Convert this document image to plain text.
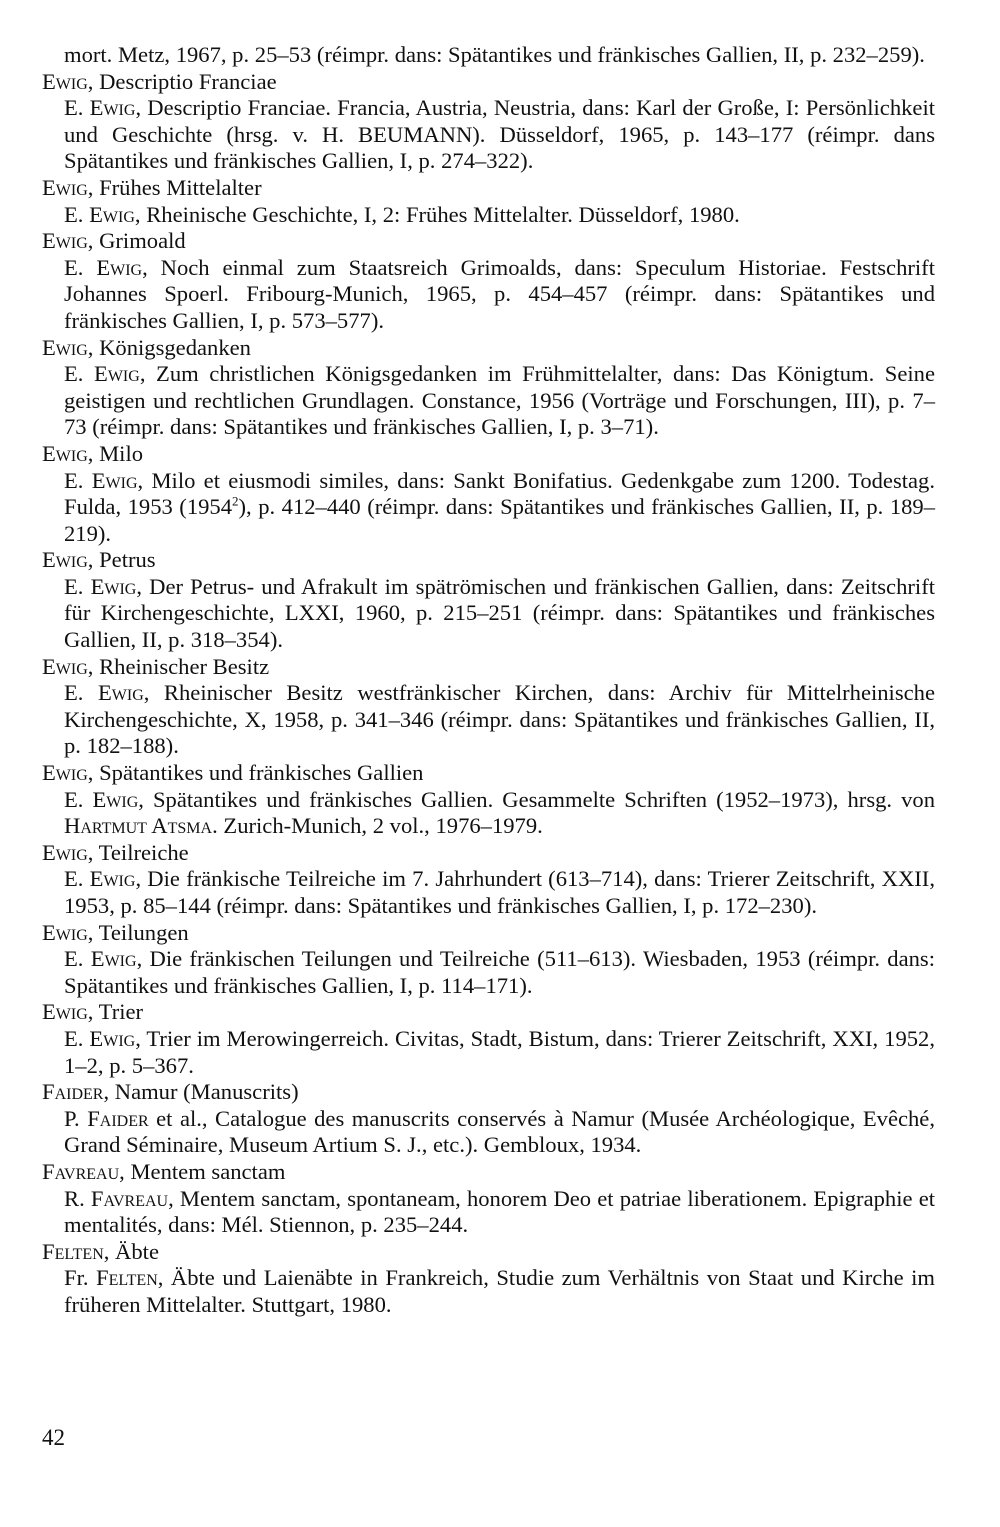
mort. Metz, 1967, p. 25–53 (réimpr. dans: Spätantikes und fränkisches Gallien, II, p. 232–259).
Ewig, Descriptio Franciae
E. Ewig, Descriptio Franciae. Francia, Austria, Neustria, dans: Karl der Große, I: Persönlichkeit und Geschichte (hrsg. v. H. BEUMANN). Düsseldorf, 1965, p. 143–177 (réimpr. dans Spätantikes und fränkisches Gallien, I, p. 274–322).
Ewig, Frühes Mittelalter
E. Ewig, Rheinische Geschichte, I, 2: Frühes Mittelalter. Düsseldorf, 1980.
Ewig, Grimoald
E. Ewig, Noch einmal zum Staatsreich Grimoalds, dans: Speculum Historiae. Festschrift Johannes Spoerl. Fribourg-Munich, 1965, p. 454–457 (réimpr. dans: Spätantikes und fränkisches Gallien, I, p. 573–577).
Ewig, Königsgedanken
E. Ewig, Zum christlichen Königsgedanken im Frühmittelalter, dans: Das Königtum. Seine geistigen und rechtlichen Grundlagen. Constance, 1956 (Vorträge und Forschungen, III), p. 7–73 (réimpr. dans: Spätantikes und fränkisches Gallien, I, p. 3–71).
Ewig, Milo
E. Ewig, Milo et eiusmodi similes, dans: Sankt Bonifatius. Gedenkgabe zum 1200. Todestag. Fulda, 1953 (1954$^2$), p. 412–440 (réimpr. dans: Spätantikes und fränkisches Gallien, II, p. 189–219).
Ewig, Petrus
E. Ewig, Der Petrus- und Afrakult im spätrömischen und fränkischen Gallien, dans: Zeitschrift für Kirchengeschichte, LXXI, 1960, p. 215–251 (réimpr. dans: Spätantikes und fränkisches Gallien, II, p. 318–354).
Ewig, Rheinischer Besitz
E. Ewig, Rheinischer Besitz westfränkischer Kirchen, dans: Archiv für Mittelrheinische Kirchengeschichte, X, 1958, p. 341–346 (réimpr. dans: Spätantikes und fränkisches Gallien, II, p. 182–188).
Ewig, Spätantikes und fränkisches Gallien
E. Ewig, Spätantikes und fränkisches Gallien. Gesammelte Schriften (1952–1973), hrsg. von Hartmut Atsma. Zurich-Munich, 2 vol., 1976–1979.
Ewig, Teilreiche
E. Ewig, Die fränkische Teilreiche im 7. Jahrhundert (613–714), dans: Trierer Zeitschrift, XXII, 1953, p. 85–144 (réimpr. dans: Spätantikes und fränkisches Gallien, I, p. 172–230).
Ewig, Teilungen
E. Ewig, Die fränkischen Teilungen und Teilreiche (511–613). Wiesbaden, 1953 (réimpr. dans: Spätantikes und fränkisches Gallien, I, p. 114–171).
Ewig, Trier
E. Ewig, Trier im Merowingerreich. Civitas, Stadt, Bistum, dans: Trierer Zeitschrift, XXI, 1952, 1–2, p. 5–367.
Faider, Namur (Manuscrits)
P. Faider et al., Catalogue des manuscrits conservés à Namur (Musée Archéologique, Evêché, Grand Séminaire, Museum Artium S. J., etc.). Gembloux, 1934.
Favreau, Mentem sanctam
R. Favreau, Mentem sanctam, spontaneam, honorem Deo et patriae liberationem. Epigraphie et mentalités, dans: Mél. Stiennon, p. 235–244.
Felten, Äbte
Fr. Felten, Äbte und Laienäbte in Frankreich, Studie zum Verhältnis von Staat und Kirche im früheren Mittelalter. Stuttgart, 1980.
42
